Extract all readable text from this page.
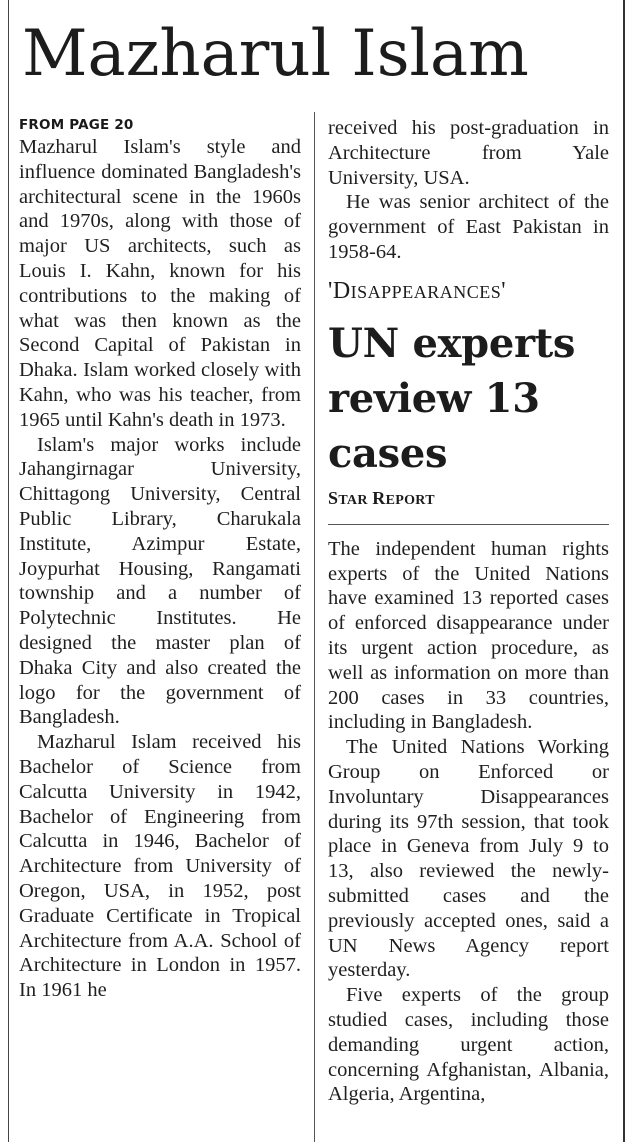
Mazharul Islam
FROM PAGE 20

Mazharul Islam's style and influence dominated Bangladesh's architectural scene in the 1960s and 1970s, along with those of major US architects, such as Louis I. Kahn, known for his contributions to the making of what was then known as the Second Capital of Pakistan in Dhaka. Islam worked closely with Kahn, who was his teacher, from 1965 until Kahn's death in 1973.

Islam's major works include Jahangirnagar University, Chittagong University, Central Public Library, Charukala Institute, Azimpur Estate, Joypurhat Housing, Rangamati township and a number of Polytechnic Institutes. He designed the master plan of Dhaka City and also created the logo for the government of Bangladesh.

Mazharul Islam received his Bachelor of Science from Calcutta University in 1942, Bachelor of Engineering from Calcutta in 1946, Bachelor of Architecture from University of Oregon, USA, in 1952, post Graduate Certificate in Tropical Architecture from A.A. School of Architecture in London in 1957. In 1961 he

received his post-graduation in Architecture from Yale University, USA.

He was senior architect of the government of East Pakistan in 1958-64.

'DISAPPEARANCES'
UN experts review 13 cases
STAR REPORT

The independent human rights experts of the United Nations have examined 13 reported cases of enforced disappearance under its urgent action procedure, as well as information on more than 200 cases in 33 countries, including in Bangladesh.

The United Nations Working Group on Enforced or Involuntary Disappearances during its 97th session, that took place in Geneva from July 9 to 13, also reviewed the newly-submitted cases and the previously accepted ones, said a UN News Agency report yesterday.

Five experts of the group studied cases, including those demanding urgent action, concerning Afghanistan, Albania, Algeria, Argentina,
